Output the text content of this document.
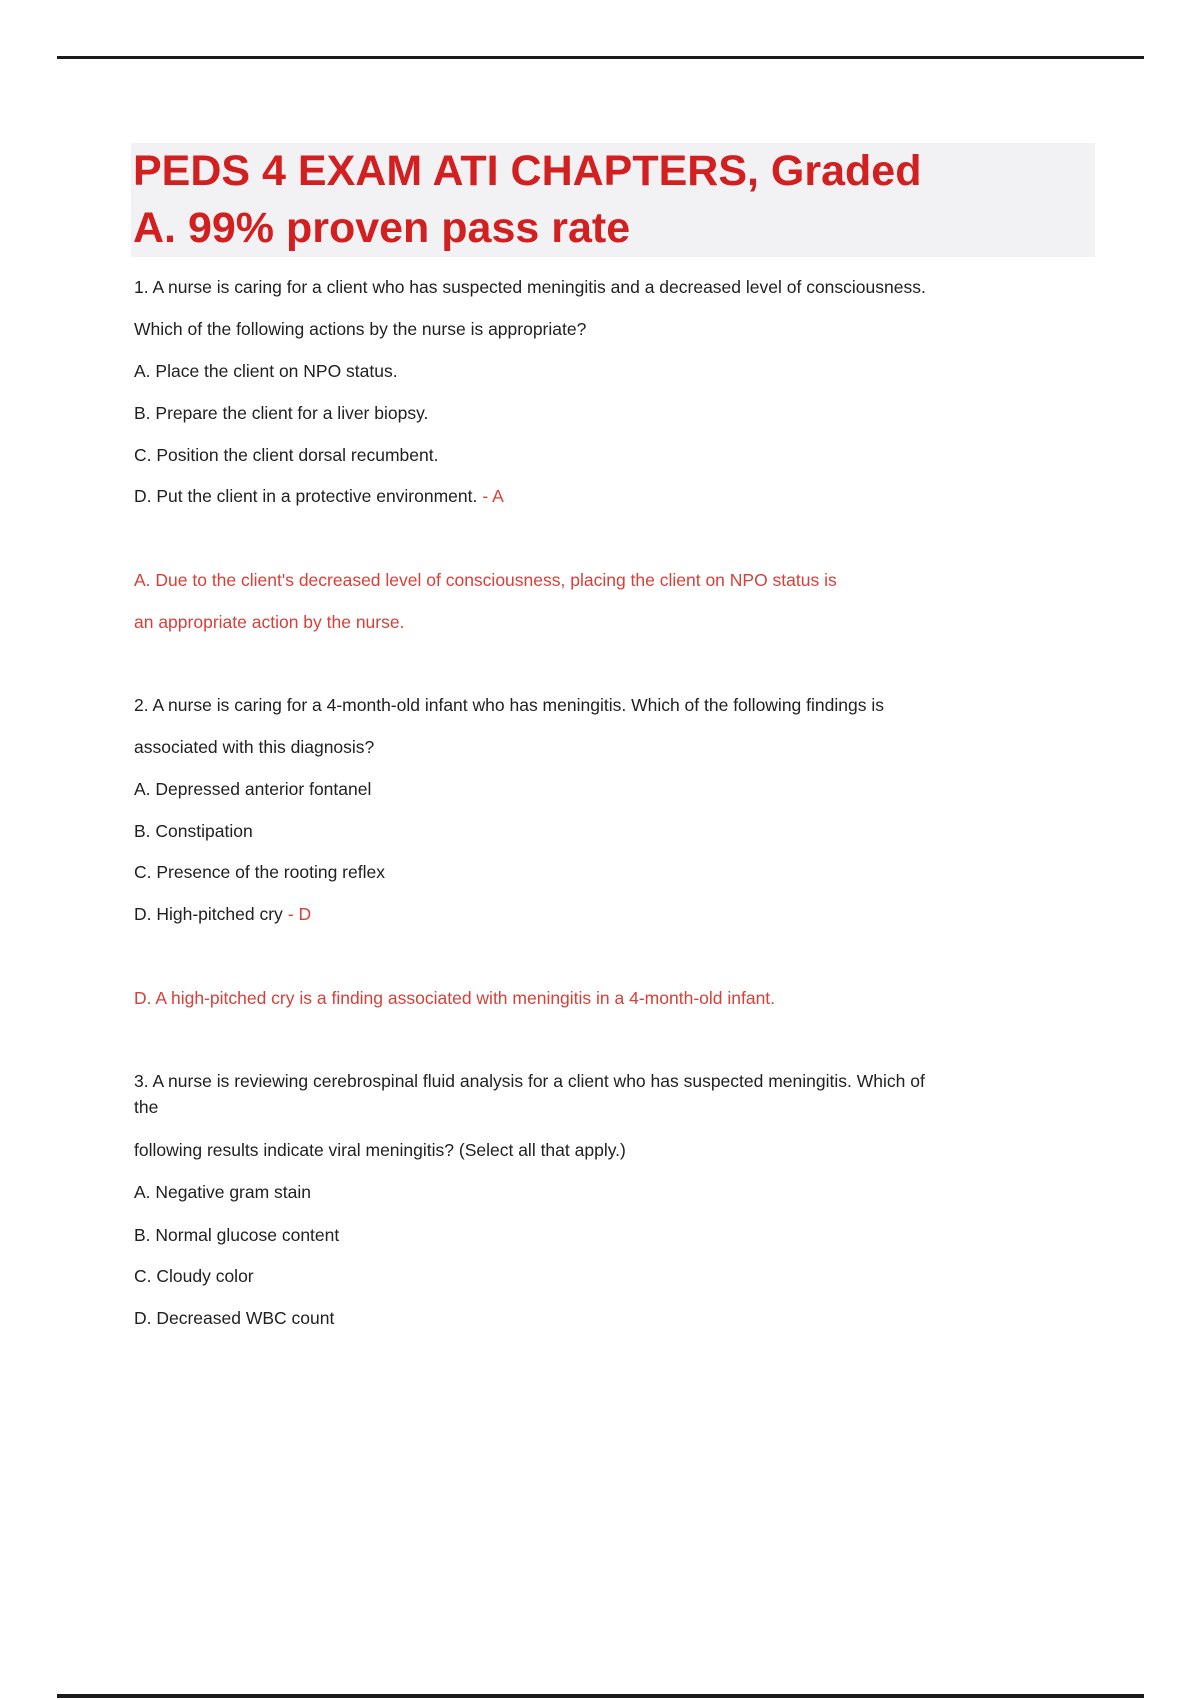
PEDS 4 EXAM ATI CHAPTERS, Graded
A. 99% proven pass rate

1. A nurse is caring for a client who has suspected meningitis and a decreased level of consciousness.

Which of the following actions by the nurse is appropriate?

A. Place the client on NPO status.

B. Prepare the client for a liver biopsy.

C. Position the client dorsal recumbent.

D. Put the client in a protective environment. - A

A. Due to the client's decreased level of consciousness, placing the client on NPO status is

an appropriate action by the nurse.

2. A nurse is caring for a 4-month-old infant who has meningitis. Which of the following findings is

associated with this diagnosis?

A. Depressed anterior fontanel

B. Constipation

C. Presence of the rooting reflex

D. High-pitched cry - D

D. A high-pitched cry is a finding associated with meningitis in a 4-month-old infant.

3. A nurse is reviewing cerebrospinal fluid analysis for a client who has suspected meningitis. Which of

the

following results indicate viral meningitis? (Select all that apply.)

A. Negative gram stain

B. Normal glucose content

C. Cloudy color

D. Decreased WBC count
